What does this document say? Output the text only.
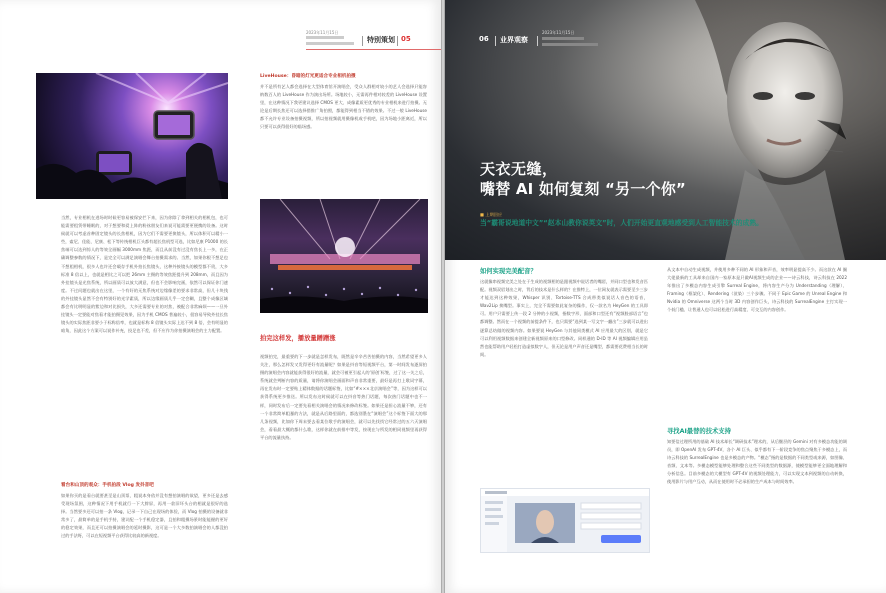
2023年11月15日
特别策划 05
当然，专业相机在进场时时候更容易被保安拦下来，因为你除了拿到相关的相机包，也可能需要租赁带睡眠的，对于想要和爱上阵的粉丝朋友们来说可能需要更便携的设备。这时候就可以考虑首种固定镜头的长焦相机，因为它们不需要更换镜头，所以体积可以精小一些，索尼、佳能、尼康、松下等传统相机巨头都有超长焦机型可选，比如尼康 P1000 的长焦端可以达到惊人的等效全画幅 3000mm 焦距，而且从前没有过没有焦长上一多，在正确调整参数的情况下，是完全可以满足演唱会舞台拍摄需求的。当然，如果你根不想足也不想租相机，很多人也许还会载存手机外拍长焦镜头，这种外接镜头的模型都不贵，大多标准 8 倍以上，也就是相比之可以把 26mm 主摄的等效焦距提升到 208mm，而且因为外挂镜头是光焦系统，所以画质可以放大满意，但也不会影响完画，依然可以保证你门速度。不过问题也就出在这里，一个有好的无焦系统对边缘像差的要求非常高，但几十块钱的外挂镜头显然不会有特别好的光学素质，所以边缘画质几乎一定会糊，且整个成像区域都会有比明明显的紫边和对比损失，大多还需要专业的对焦，被配合非常麻烦——一旦外挂镜头一定要能对焦看才能拍摄见效果，因为手机 CMOS 普遍较小，很容易导致外挂长焦镜头的实际焦距非要小于标称倍率，也就是标称 8 倍镜头实际上达不到 8 倍，会有明显的暗角，因此这个方案可以说作补充，投足也不差，但不应作为你拍摄演唱会的主力配置。
看台和山顶的观众：手机拍段 Vlog 发抖音吧
如果你买的是看台就要甚至是山顶票，粗说本身依并没有想拍演唱的欲望，更多还是去感受现场氛围，这种情况下用手机就行一下大胖屏，再用一款旧坏头台的相就是很好的选择。当然要多还可以拍一条 Vlog，记录一下自己在现场的体验，而 Vlog 拍摄的设备就非常多了，最简单的是手机手持，建议配一个手机稳定器，且拍和粗摄场景时能能握的更好的稳定效果，而且还可以拍摄演唱会的延时摄影，这可是一个大多数拍演唱会的人都没拍过的手法呀，可以在短视频平台获得比较高的新视度。
LiveHouse：昏暗的灯光更适合专业相机拍摄
并不是所有艺人都会选择在大型体育馆开演唱会，受众人群相对较小的艺人会选择只能容纳数百人的 LiveHouse 作为演出场所。场地较小，无需再件相对较差的 LiveHouse 设置里，在这种情况下我更建议选择 CMOS 更大、成像素质更优秀的专业相机来进行拍摄。无论是后期长焦还可以选择搭推广角拍照，都能得到相当不错的效果。不过一般 LiveHouse 都不允许专业设备拍摄视频，所以拍视频就用摄像机或手机吧，因为场地小距离近，所以只要可以获得很好的临场感。
拍完这样发，播放量蹭蹭涨
视频拍完，最重要的下一步就是怎样发布，既然是辛辛苦苦拍摄的内容，当然希望更多人关注，那么怎样发又发得更好有流量呢？如果是抖音等短视频平台，第一时间发布逐屏拍摄的演唱会内容就能获得很好的流量，就会可被更引起人的‘原创’标签，过了这一关之后，系统就会判断内容的质量，请将你演唱会画面和声音非常重要，最好是再打上歌词字幕，再在发布时一定要贴上精体数据的话题标签，比如“#×××北京演唱会”等，因为这样可以获得系统更多推送。所以发布这时候就可以在抖音等热门话题，每次热门话题中也不一样，同时发布后一定要先看相关演唱会的情况来修改标签。如果还是担心流量不够，还有一个非常简单粗暴的方法，就是从后路里面的，都选别墨在“演唱会”这个标签下面大的那几条视频，比如你下周末要去看某位歌手的演唱会，就可以先找找它经常过的五六天演唱会，看看最大概的都什么歌，这样你就在前排中等发，按现在与所发的相同视频里再获得平台的流量扶持。
天衣无缝，
嘴替 AI 如何复刻 “另一个你”
■ 上期回应
06 业界观察
2023年11月15日
当“霸哥说地道中文”“赵本山教你说英文”时，人们开始更直观地感受到人工智能技术的成熟。
如何实现完美配音？
这就像串视频完美之处在于生成的视频相的是跟视频中说话者的嘴唇，并同口型也和发音匹配。视频双唇划出之时，背后的技术是什么样的？在推特上，一位网友就表示需要至少三步才能达到这种效果，Whisper 识别、Tortoise-TTS 合成带类似说话人音色的语音，Wav2Lip 换嘴型。事实上，完全不需要如此复杂的操作，仅一款名为 HeyGen 的工具即可。用户只需要上传一段 2 分钟的小视频，指数字形，面部和口型还有“视频脸部语言”也都调整。然而在一个视频的前提条件下，也只需要“选到某一写文字一翻出”三步就可以进出逐算总结做的视频内容。如果要说 HeyGen 与其他同类模式 AI 应用最大的区别，就是它可以利用视频数据来创建全新视频原来的口型修改。同样通的 D-ID 等 AI 视频编辑应用虽然也能帮助用户轻松打造虚拟数字人，但无论是用户声音还是嘴型，都需要花费相当长的时间。
从文本中自动生成视频，并使用多种不同的 AI 形象和声音，效率明显提高不少。而这款在 AI 圈大佬最新的工具却来自国内一家原本是只做AI视频生成的企业——诗云科技，诗云科技在 2022 年推出了多模态内容生成引擎 Surreal Engine，将内容生产分为 Understanding（理解）、Framing（框架化）、Rendering（渲染）三个步骤。不同于 Epic Game 的 Unreal Engine 和 Nvidia 的 Omniverse 这两个当时 3D 内容创作巨头，诗云科技的 SurrealEngine 主打实现一个低门槛、让普通人也可以轻松进行高精度、可交互的内容创作。
寻找AI最替的技术支持
知要信过理所用的基础 AI 技术却长“调研技术”理术的，从后继层的 Gemini 对有多模态功能的调员，即 OpenAI 发布 GPT-4V，各个 AI 巨头、似乎都有下一阶段竞争的焦点聚焦于多模态上，而诗云科技的 SurrealEngine 也是多模态的产物。“模态”指的是数据的不同类型或来源，如图像、音频、文本等。多模态模型能够处理和整合这些不同类型的数据源，使模型能够更全面地理解和分析信息。目前多模态的大模型有 GPT-4V 的视频处理能力，可以实现文本到视频的自动转换，使用影片与用户互动，从而在使用时不必承担的生产成本与时间效率。
